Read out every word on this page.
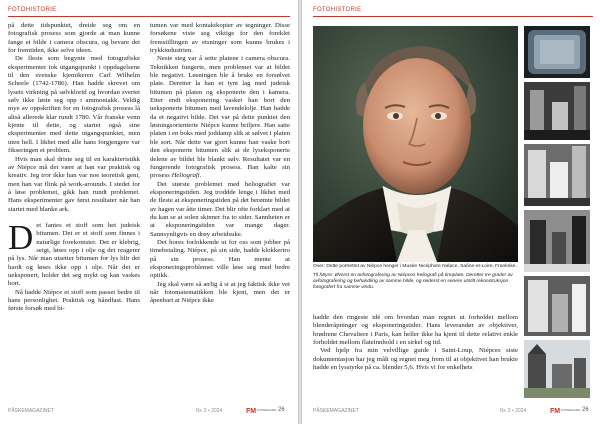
FOTOHISTORIE

på dette tidspunktet, dreide seg om en fotografisk prosess som gjorde at man kunne fange et bilde i camera obscura, og bevare det for fremtiden, ikke selve ideen.

De fleste som begynte med fotografiske eksperimenter tok utgangspunkt i oppdagelsene til den svenske kjemikeren Carl Wilhelm Scheele (1742-1786). Han hadde skrevet om lysets virkning på sølvklorid og hvordan svertet sølv ikke løste seg opp i ammoniakk. Veldig mye av oppskriften for en fotografisk prosess lå altså allerede klar rundt 1780. Vår franske venn kjente til dette, og startet også sine eksperimenter med dette utgangspunktet, men uten hell. I likhet med alle hans forgjengere var fikseringen et problem.

Hvis man skal driste seg til en karakteristikk av Niépce må det være at han var praktisk og kreativ. Jeg tror ikke han var noe teoretisk geni, men han var flink på work-arounds. I stedet for å løse problemet, gikk han rundt problemet. Hans eksperimenter gav først resultater når han startet med blanke ark.

Det fantes et stoff som het judeisk bitumen. Det er et stoff som finnes i naturlige forekomster. Det er klebrig, seigt, løses opp i olje og det reagerer på lys. Når man utsetter bitumen for lys blir det hardt og løses ikke opp i olje. Når det er ueksponert, holder det seg mykt og kan vaskes bort.

Nå hadde Niépce et stoff som passet bedre til hans personlighet. Praktisk og håndfast. Hans første forsøk med bi-

tumen var med kontaktkopier av tegninger. Disse forsøkene viste seg viktige for den foreklet fremstillingen av etsninger som kunne brukes i trykkindustrien.

Neste steg var å sette platene i camera obscura. Teknikken fungerte, men problemet var at bildet ble negativt. Løsningen ble å bruke en forsølvet plate. Deretter la han et tynt lag med judeisk bitumen på platen og eksponerte den i kamera. Etter endt eksponering vasket han bort den ueksponerte bitumen med lavendelolje. Han hadde da et negativt bilde. Det var på dette punktet den løsningsorienterte Niépce kunne briljere. Han satte platen i en boks med joddamp slik at sølvet i platen ble sort. Når dette var gjort kunne han vaske bort den eksponerte bitumen slik at de lyseksponerte delene av bildet ble blankt sølv. Resultatet var en fungerende fotografisk prosess. Han kalte sin prosess Heliografi.

Det største problemet med heliografiet var eksponeringstiden. Jeg troddde lenge i likhet med de fleste at eksponeringstiden på det berømte bildet av hagen var åtte timer. Det blir ofte forklart med at du kan se at solen skinner fra to sider. Sannheten er at eksponeringstiden var mange dager. Sannsynligvis en drøy arbeidsuke.

Det hores forlokkende ut for oss som jobber på timebetaling. Niépce, på sin side, hadde klokkertro på sin prosess. Han mente at eksponeringsproblemet ville løse seg med bedre optikk.

Jeg skal være så ærlig å si at jeg faktisk ikke vet når fotomatematikken ble kjent, men det er åpenbart at Niépce ikke

PÅSKEMAGAZINET	Nr. 2 • 2024	FM FOTOMAGASIN 26
FOTOHISTORIE
Over: Dette portrettet av Niépce henger i Musée Nicéphore Niépce, Saône-et-Loire, Frankrike.
Til høyre: Øverst en avfotografering av Niépces heliografi på tinnplate. Deretter tre grader av avfotografering og behandling av samme bilde, og nederst en senere utstilt rekonstruksjon fotografert fra samme vindu.

hadde den ringeste idé om hvordan man regnet ut forholdet mellom blenderåpninger og eksponeringstider. Hans leverandør av objektiver, brødrene Chevaliere i Paris, kan heller ikke ha kjent til dette relativt enkle forholdet mellom flateinnhold i en sirkel og tid.

Ved hjelp fra min velvillige guide i Saint-Loup, Niépces siste dokumentasjon har jeg målt og regnet meg frem til at objektivet han brukte hadde en lysstyrke på ca. blender 5,6. Hvis vi for enkelhets

PÅSKEMAGAZINET	Nr. 2 • 2024	FM FOTOMAGASIN 26
